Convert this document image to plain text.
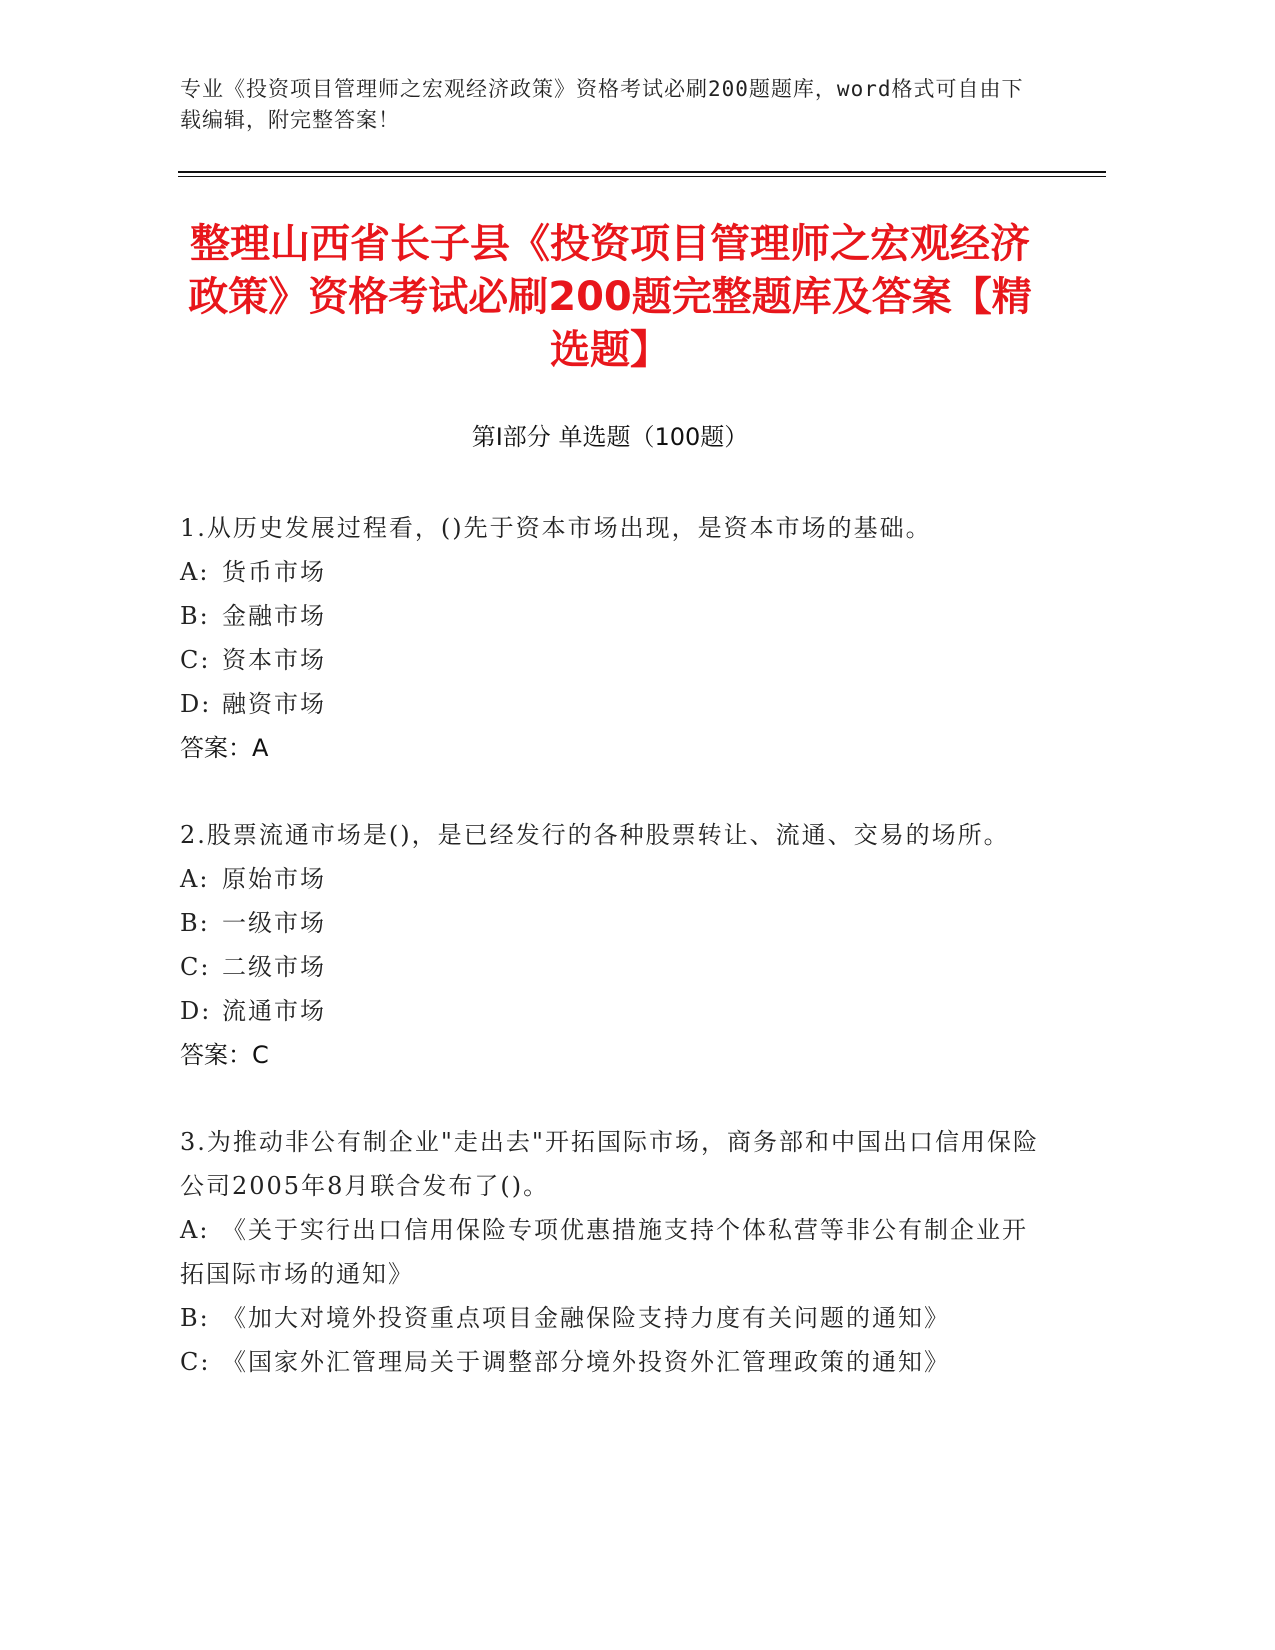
专业《投资项目管理师之宏观经济政策》资格考试必刷200题题库，word格式可自由下载编辑，附完整答案！
整理山西省长子县《投资项目管理师之宏观经济政策》资格考试必刷200题完整题库及答案【精选题】
第Ⅰ部分 单选题（100题）
1.从历史发展过程看，()先于资本市场出现，是资本市场的基础。
A: 货币市场
B: 金融市场
C: 资本市场
D: 融资市场
答案：A
2.股票流通市场是()，是已经发行的各种股票转让、流通、交易的场所。
A: 原始市场
B: 一级市场
C: 二级市场
D: 流通市场
答案：C
3.为推动非公有制企业"走出去"开拓国际市场，商务部和中国出口信用保险公司2005年8月联合发布了()。
A: 《关于实行出口信用保险专项优惠措施支持个体私营等非公有制企业开拓国际市场的通知》
B: 《加大对境外投资重点项目金融保险支持力度有关问题的通知》
C: 《国家外汇管理局关于调整部分境外投资外汇管理政策的通知》
